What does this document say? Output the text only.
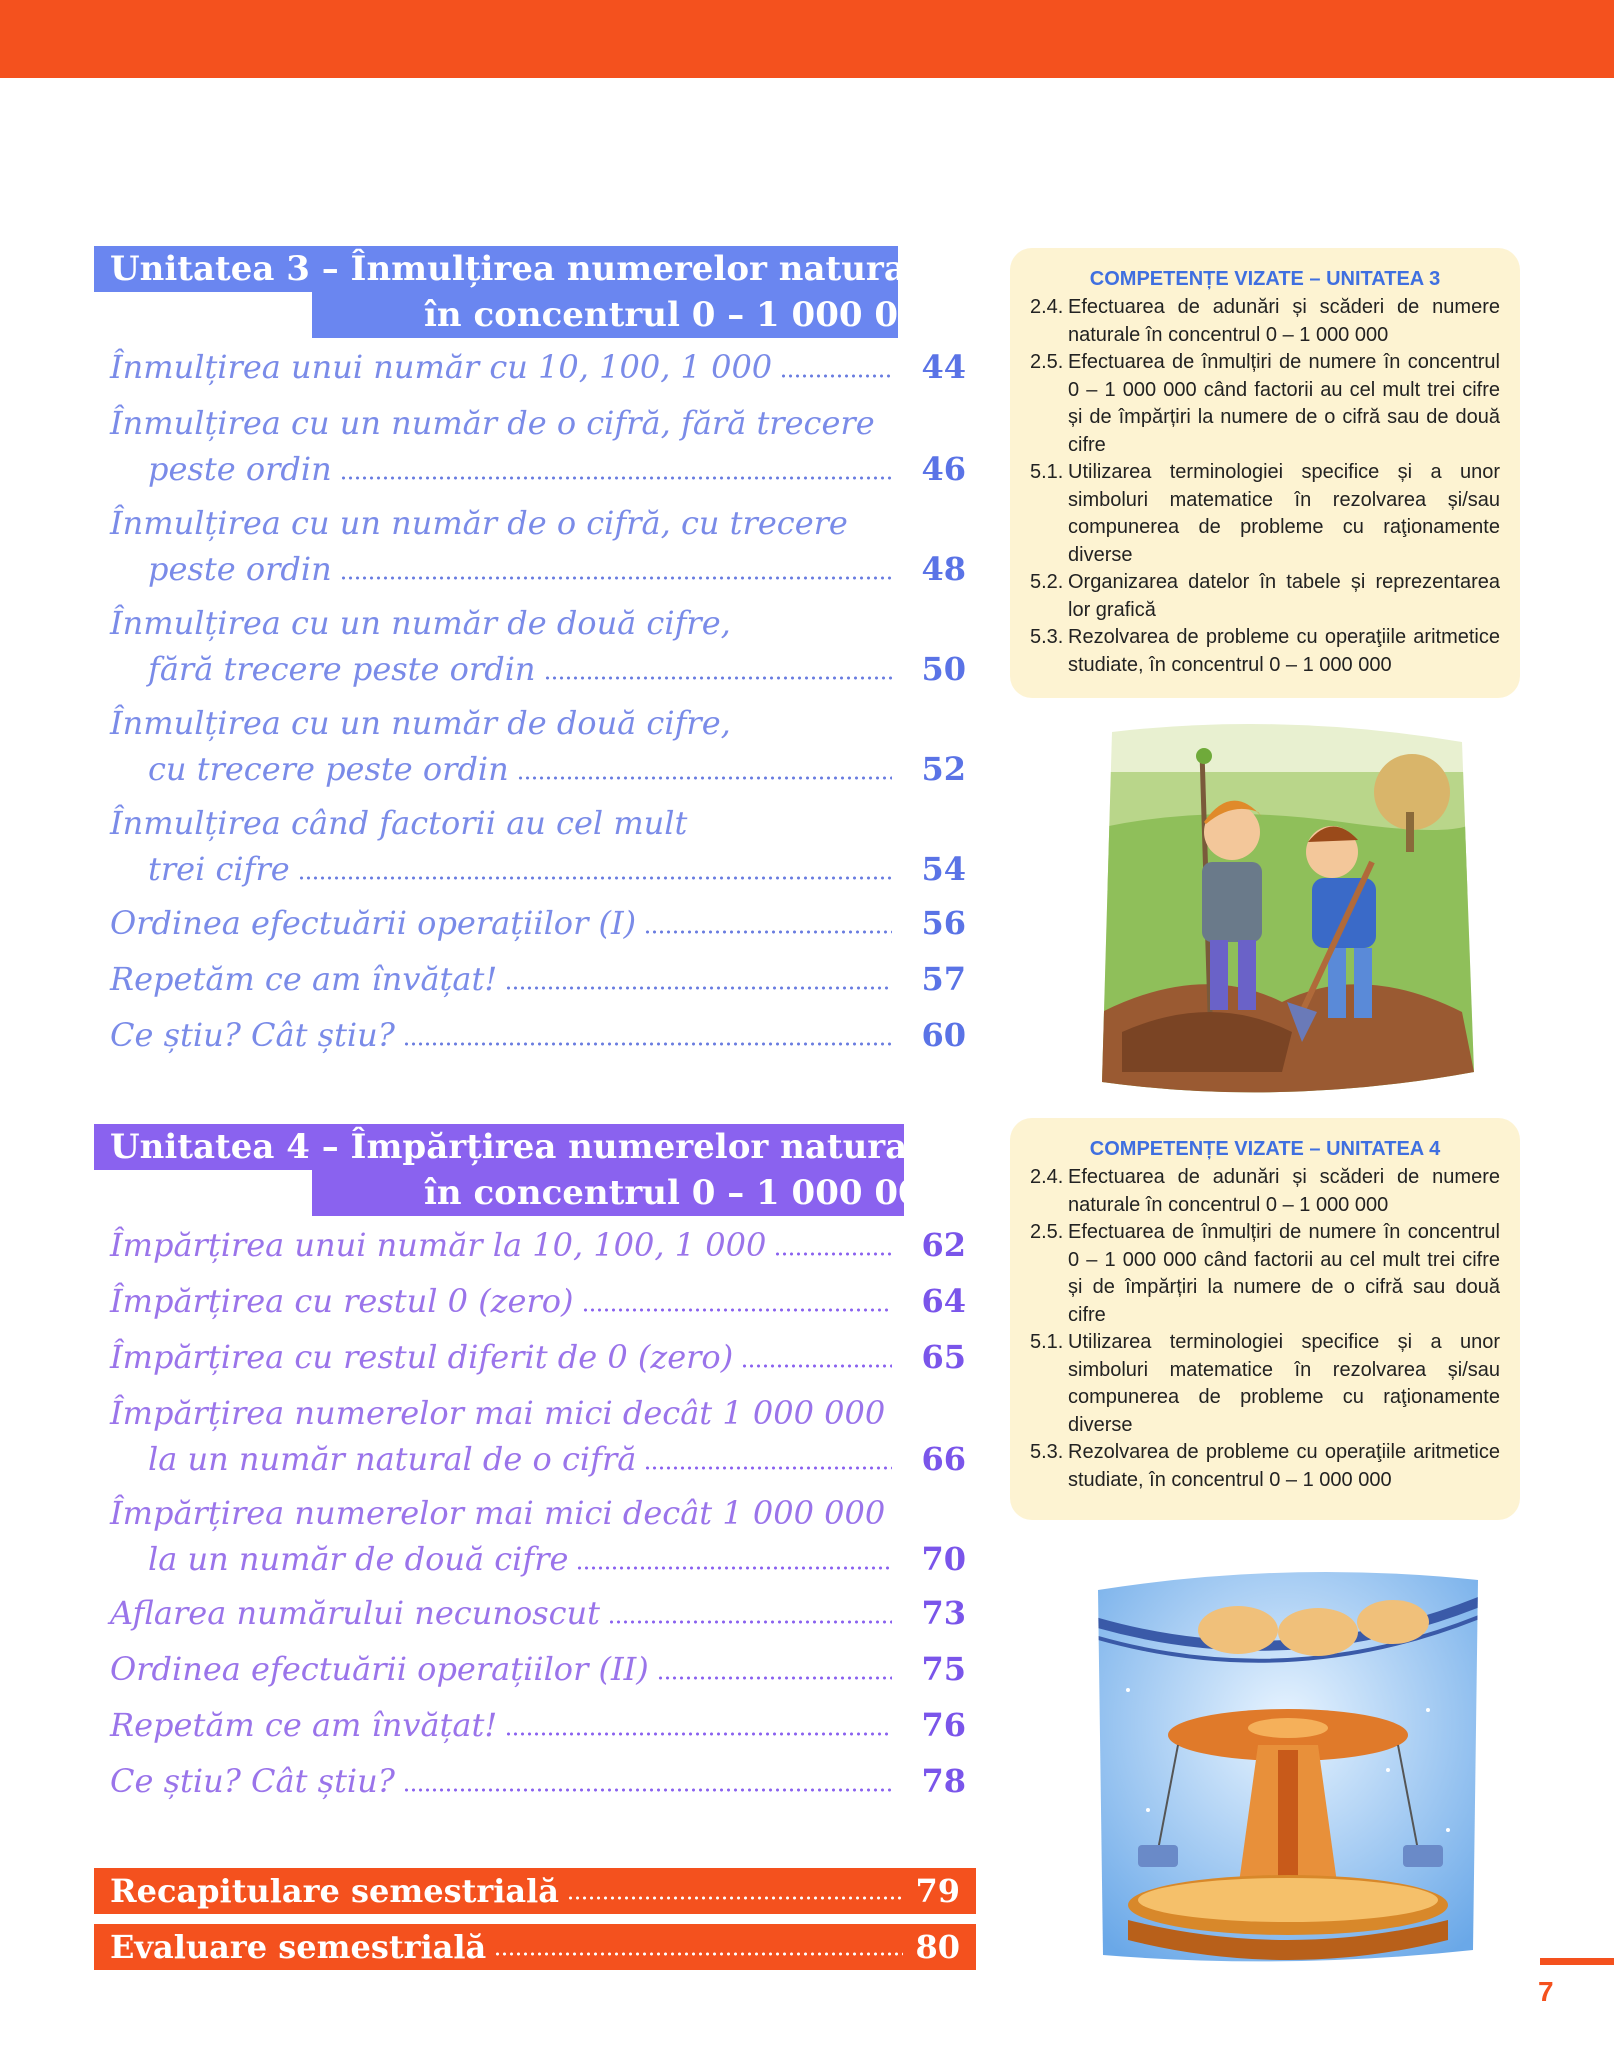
Unitatea 3 – Înmulțirea numerelor naturale
în concentrul 0 – 1 000 000
Înmulțirea unui număr cu 10, 100, 1 000	44
Înmulțirea cu un număr de o cifră, fără trecere
peste ordin	46
Înmulțirea cu un număr de o cifră, cu trecere
peste ordin	48
Înmulțirea cu un număr de două cifre,
fără trecere peste ordin	50
Înmulțirea cu un număr de două cifre,
cu trecere peste ordin	52
Înmulțirea când factorii au cel mult
trei cifre	54
Ordinea efectuării operațiilor (I)	56
Repetăm ce am învățat!	57
Ce știu? Cât știu?	60
COMPETENȚE VIZATE – UNITATEA 3
2.4. Efectuarea de adunări și scăderi de numere naturale în concentrul 0 – 1 000 000
2.5. Efectuarea de înmulțiri de numere în concentrul 0 – 1 000 000 când factorii au cel mult trei cifre și de împărțiri la numere de o cifră sau de două cifre
5.1. Utilizarea terminologiei specifice și a unor simboluri matematice în rezolvarea și/sau compunerea de probleme cu raţionamente diverse
5.2. Organizarea datelor în tabele și reprezentarea lor grafică
5.3. Rezolvarea de probleme cu operaţiile aritmetice studiate, în concentrul 0 – 1 000 000
Unitatea 4 – Împărțirea numerelor naturale
în concentrul 0 – 1 000 000
Împărțirea unui număr la 10, 100, 1 000	62
Împărțirea cu restul 0 (zero)	64
Împărțirea cu restul diferit de 0 (zero)	65
Împărțirea numerelor mai mici decât 1 000 000
la un număr natural de o cifră	66
Împărțirea numerelor mai mici decât 1 000 000
la un număr de două cifre	70
Aflarea numărului necunoscut	73
Ordinea efectuării operațiilor (II)	75
Repetăm ce am învățat!	76
Ce știu? Cât știu?	78
COMPETENȚE VIZATE – UNITATEA 4
2.4. Efectuarea de adunări și scăderi de numere naturale în concentrul 0 – 1 000 000
2.5. Efectuarea de înmulțiri de numere în concentrul 0 – 1 000 000 când factorii au cel mult trei cifre și de împărțiri la numere de o cifră sau două cifre
5.1. Utilizarea terminologiei specifice și a unor simboluri matematice în rezolvarea și/sau compunerea de probleme cu raţionamente diverse
5.3. Rezolvarea de probleme cu operaţiile aritmetice studiate, în concentrul 0 – 1 000 000
Recapitulare semestrială	79
Evaluare semestrială	80
7
